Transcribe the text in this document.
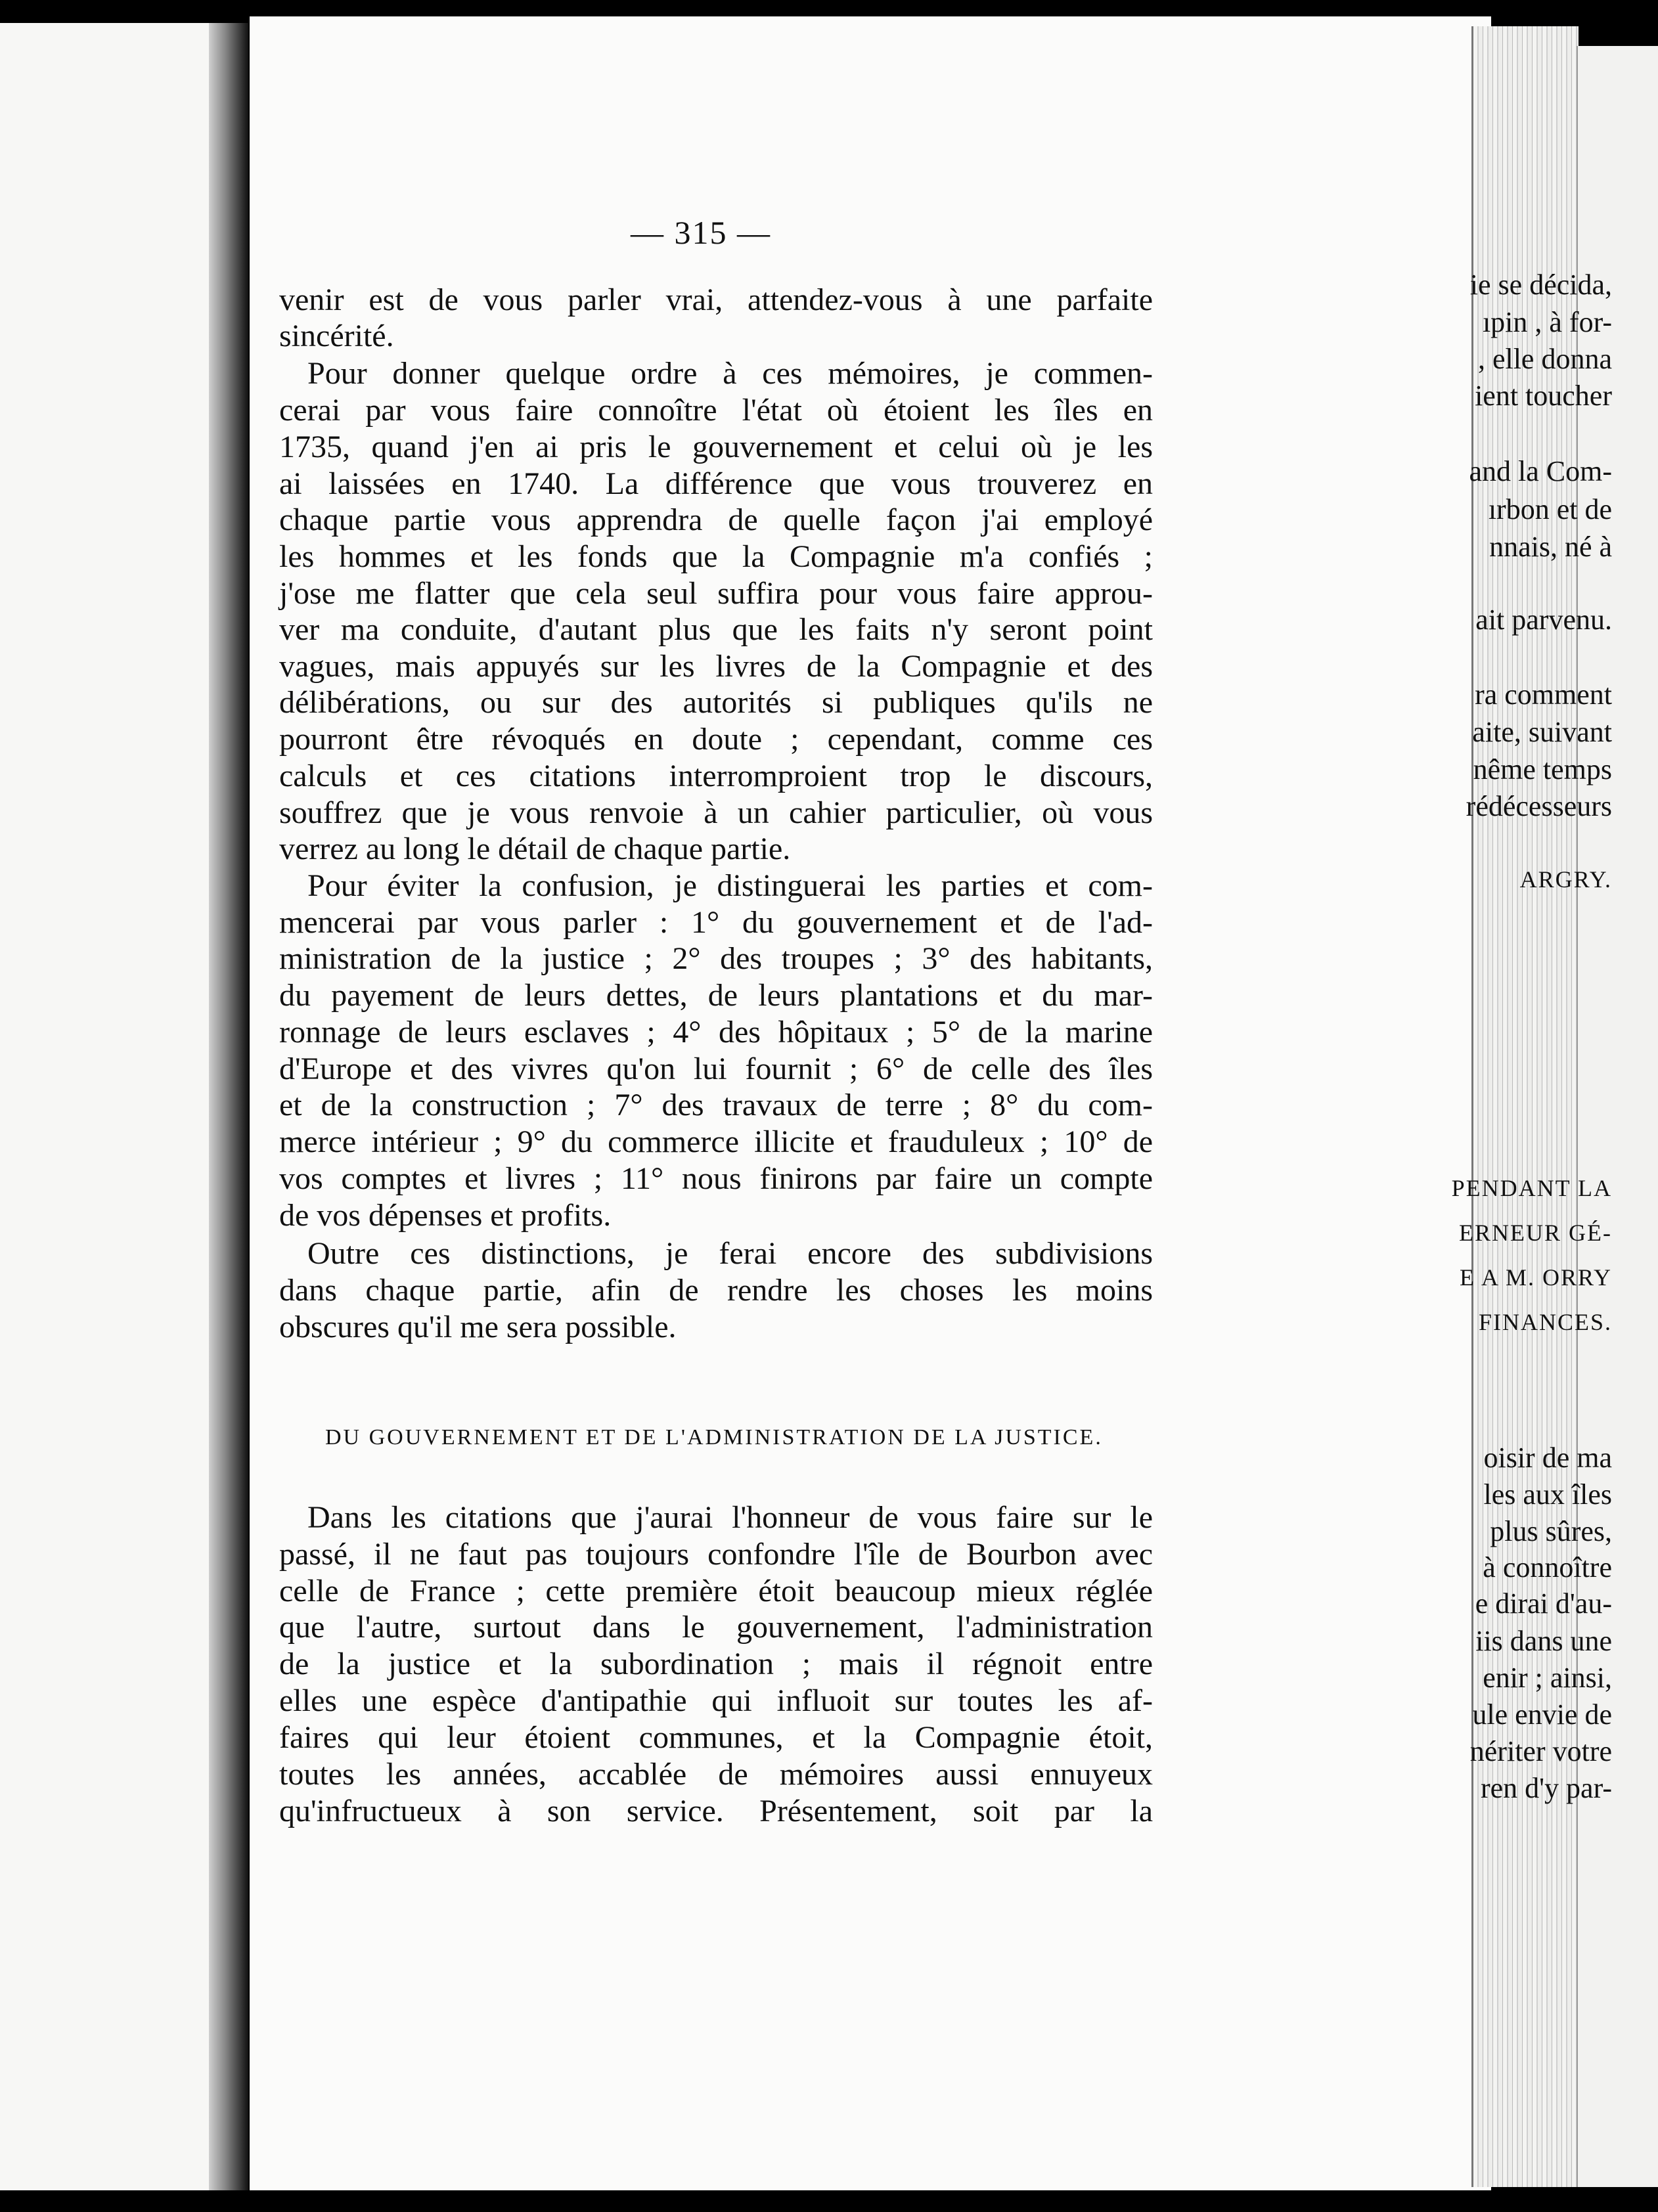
ie se décida,
ıpin , à for-
, elle donna
ient toucher
and la Com-
ırbon et de
nnais, né à
ait parvenu.
ra comment
aite, suivant
nême temps
rédécesseurs
ARGRY.
PENDANT LA
ERNEUR GÉ-
E A M. ORRY
FINANCES.
oisir de ma
les aux îles
plus sûres,
à connoître
e dirai d'au-
iis dans une
enir ; ainsi,
ule envie de
nériter votre
ren d'y par-
— 315 —
venir est de vous parler vrai, attendez-vous à une parfaite
sincérité.
Pour donner quelque ordre à ces mémoires, je commen-
cerai par vous faire connoître l'état où étoient les îles en
1735, quand j'en ai pris le gouvernement et celui où je les
ai laissées en 1740. La différence que vous trouverez en
chaque partie vous apprendra de quelle façon j'ai employé
les hommes et les fonds que la Compagnie m'a confiés ;
j'ose me flatter que cela seul suffira pour vous faire approu-
ver ma conduite, d'autant plus que les faits n'y seront point
vagues, mais appuyés sur les livres de la Compagnie et des
délibérations, ou sur des autorités si publiques qu'ils ne
pourront être révoqués en doute ; cependant, comme ces
calculs et ces citations interromproient trop le discours,
souffrez que je vous renvoie à un cahier particulier, où vous
verrez au long le détail de chaque partie.
Pour éviter la confusion, je distinguerai les parties et com-
mencerai par vous parler : 1° du gouvernement et de l'ad-
ministration de la justice ; 2° des troupes ; 3° des habitants,
du payement de leurs dettes, de leurs plantations et du mar-
ronnage de leurs esclaves ; 4° des hôpitaux ; 5° de la marine
d'Europe et des vivres qu'on lui fournit ; 6° de celle des îles
et de la construction ; 7° des travaux de terre ; 8° du com-
merce intérieur ; 9° du commerce illicite et frauduleux ; 10° de
vos comptes et livres ; 11° nous finirons par faire un compte
de vos dépenses et profits.
Outre ces distinctions, je ferai encore des subdivisions
dans chaque partie, afin de rendre les choses les moins
obscures qu'il me sera possible.
DU GOUVERNEMENT ET DE L'ADMINISTRATION DE LA JUSTICE.
Dans les citations que j'aurai l'honneur de vous faire sur le
passé, il ne faut pas toujours confondre l'île de Bourbon avec
celle de France ; cette première étoit beaucoup mieux réglée
que l'autre, surtout dans le gouvernement, l'administration
de la justice et la subordination ; mais il régnoit entre
elles une espèce d'antipathie qui influoit sur toutes les af-
faires qui leur étoient communes, et la Compagnie étoit,
toutes les années, accablée de mémoires aussi ennuyeux
qu'infructueux à son service. Présentement, soit par la
